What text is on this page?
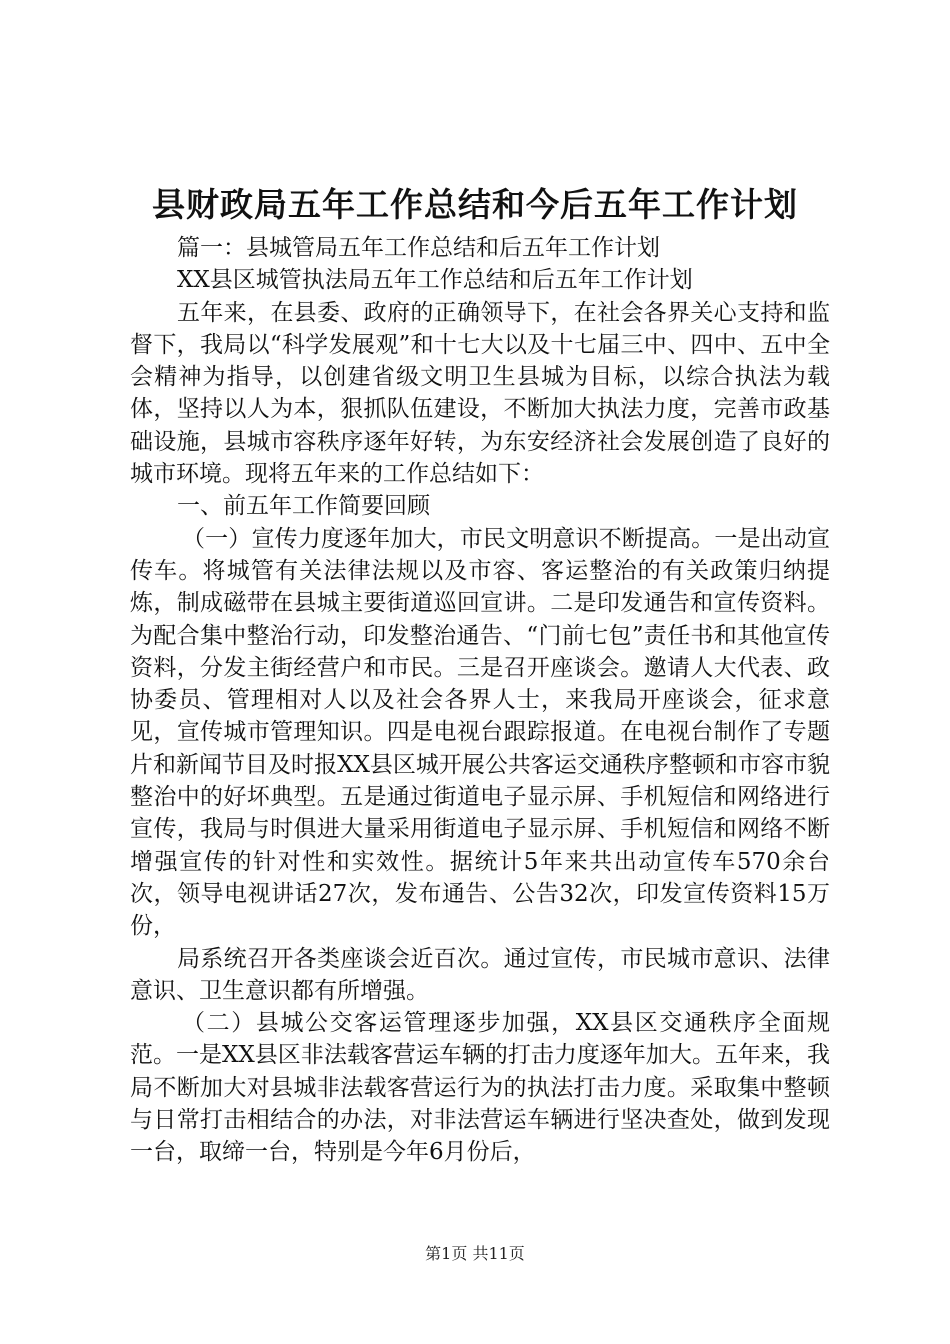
县财政局五年工作总结和今后五年工作计划

篇一：县城管局五年工作总结和后五年工作计划

XX县区城管执法局五年工作总结和后五年工作计划

五年来，在县委、政府的正确领导下，在社会各界关心支持和监督下，我局以“科学发展观”和十七大以及十七届三中、四中、五中全会精神为指导，以创建省级文明卫生县城为目标，以综合执法为载体，坚持以人为本，狠抓队伍建设，不断加大执法力度，完善市政基础设施，县城市容秩序逐年好转，为东安经济社会发展创造了良好的城市环境。现将五年来的工作总结如下：

一、前五年工作简要回顾

（一）宣传力度逐年加大，市民文明意识不断提高。一是出动宣传车。将城管有关法律法规以及市容、客运整治的有关政策归纳提炼，制成磁带在县城主要街道巡回宣讲。二是印发通告和宣传资料。为配合集中整治行动，印发整治通告、“门前七包”责任书和其他宣传资料，分发主街经营户和市民。三是召开座谈会。邀请人大代表、政协委员、管理相对人以及社会各界人士，来我局开座谈会，征求意见，宣传城市管理知识。四是电视台跟踪报道。在电视台制作了专题片和新闻节目及时报XX县区城开展公共客运交通秩序整顿和市容市貌整治中的好坏典型。五是通过街道电子显示屏、手机短信和网络进行宣传，我局与时俱进大量采用街道电子显示屏、手机短信和网络不断增强宣传的针对性和实效性。据统计5年来共出动宣传车570余台次，领导电视讲话27次，发布通告、公告32次，印发宣传资料15万份，

局系统召开各类座谈会近百次。通过宣传，市民城市意识、法律意识、卫生意识都有所增强。

（二）县城公交客运管理逐步加强，XX县区交通秩序全面规范。一是XX县区非法载客营运车辆的打击力度逐年加大。五年来，我局不断加大对县城非法载客营运行为的执法打击力度。采取集中整顿与日常打击相结合的办法，对非法营运车辆进行坚决查处，做到发现一台，取缔一台，特别是今年6月份后，

第1页 共11页
